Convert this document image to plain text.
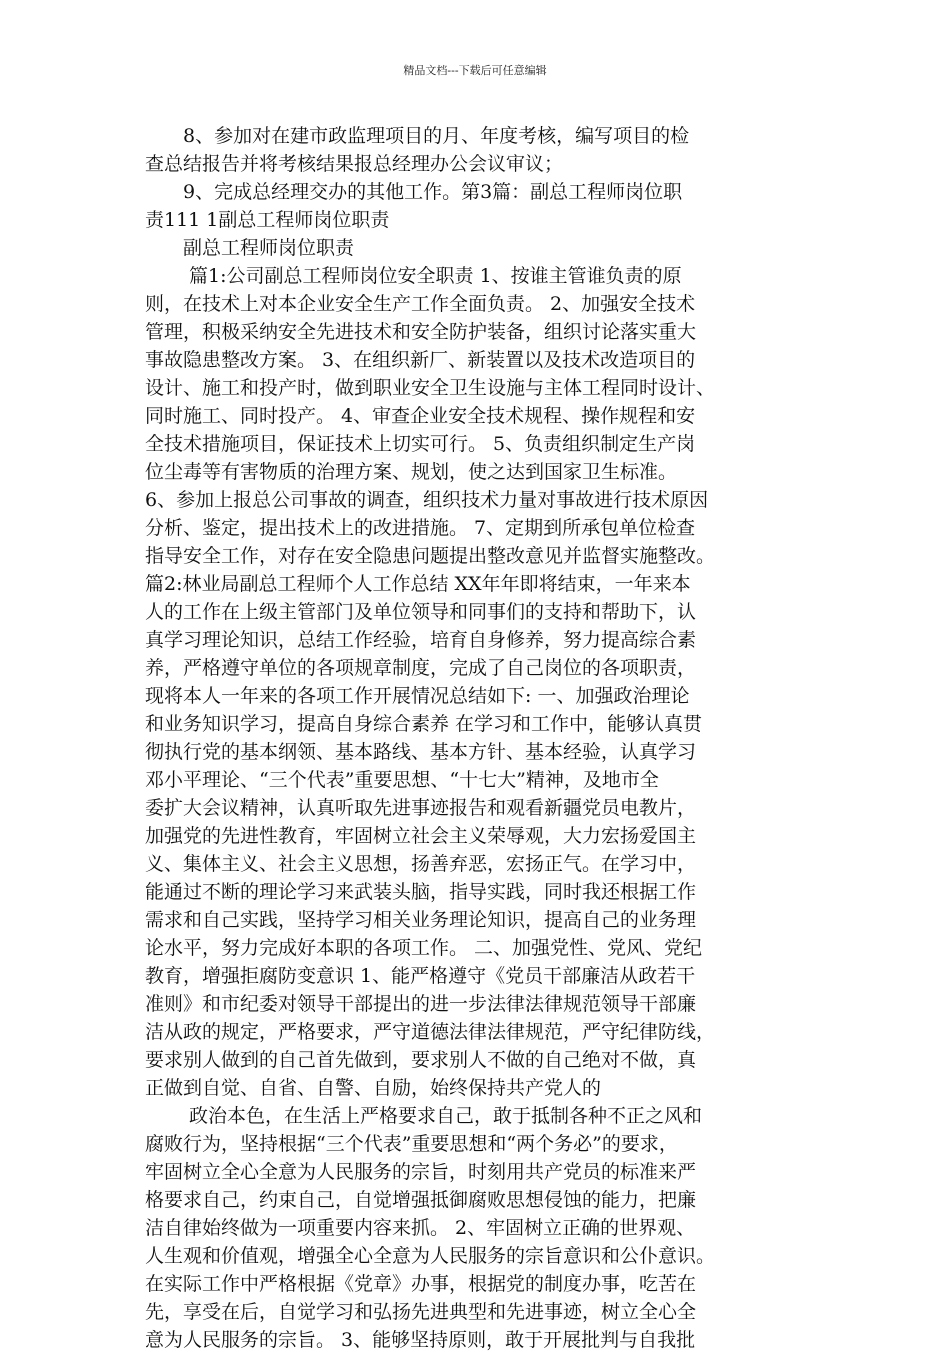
精品文档---下载后可任意编辑
　　8、参加对在建市政监理项目的月、年度考核，编写项目的检
查总结报告并将考核结果报总经理办公会议审议；
　　9、完成总经理交办的其他工作。第3篇：副总工程师岗位职
责111 1副总工程师岗位职责
　　副总工程师岗位职责
　　 篇1:公司副总工程师岗位安全职责 1、按谁主管谁负责的原
则，在技术上对本企业安全生产工作全面负责。 2、加强安全技术
管理，积极采纳安全先进技术和安全防护装备，组织讨论落实重大
事故隐患整改方案。 3、在组织新厂、新装置以及技术改造项目的
设计、施工和投产时，做到职业安全卫生设施与主体工程同时设计、
同时施工、同时投产。 4、审查企业安全技术规程、操作规程和安
全技术措施项目，保证技术上切实可行。 5、负责组织制定生产岗
位尘毒等有害物质的治理方案、规划，使之达到国家卫生标准。
6、参加上报总公司事故的调查，组织技术力量对事故进行技术原因
分析、鉴定，提出技术上的改进措施。 7、定期到所承包单位检查
指导安全工作，对存在安全隐患问题提出整改意见并监督实施整改。
篇2:林业局副总工程师个人工作总结 XX年年即将结束，一年来本
人的工作在上级主管部门及单位领导和同事们的支持和帮助下，认
真学习理论知识，总结工作经验，培育自身修养，努力提高综合素
养，严格遵守单位的各项规章制度，完成了自己岗位的各项职责，
现将本人一年来的各项工作开展情况总结如下: 一、加强政治理论
和业务知识学习，提高自身综合素养 在学习和工作中，能够认真贯
彻执行党的基本纲领、基本路线、基本方针、基本经验，认真学习
邓小平理论、“三个代表”重要思想、“十七大”精神，及地市全
委扩大会议精神，认真听取先进事迹报告和观看新疆党员电教片，
加强党的先进性教育，牢固树立社会主义荣辱观，大力宏扬爱国主
义、集体主义、社会主义思想，扬善弃恶，宏扬正气。在学习中，
能通过不断的理论学习来武装头脑，指导实践，同时我还根据工作
需求和自己实践，坚持学习相关业务理论知识，提高自己的业务理
论水平，努力完成好本职的各项工作。 二、加强党性、党风、党纪
教育，增强拒腐防变意识 1、能严格遵守《党员干部廉洁从政若干
准则》和市纪委对领导干部提出的进一步法律法律规范领导干部廉
洁从政的规定，严格要求，严守道德法律法律规范，严守纪律防线，
要求别人做到的自己首先做到，要求别人不做的自己绝对不做，真
正做到自觉、自省、自警、自励，始终保持共产党人的
　　 政治本色，在生活上严格要求自己，敢于抵制各种不正之风和
腐败行为，坚持根据“三个代表”重要思想和“两个务必”的要求，
牢固树立全心全意为人民服务的宗旨，时刻用共产党员的标准来严
格要求自己，约束自己，自觉增强抵御腐败思想侵蚀的能力，把廉
洁自律始终做为一项重要内容来抓。 2、牢固树立正确的世界观、
人生观和价值观，增强全心全意为人民服务的宗旨意识和公仆意识。
在实际工作中严格根据《党章》办事，根据党的制度办事，吃苦在
先，享受在后，自觉学习和弘扬先进典型和先进事迹，树立全心全
意为人民服务的宗旨。 3、能够坚持原则，敢于开展批判与自我批
